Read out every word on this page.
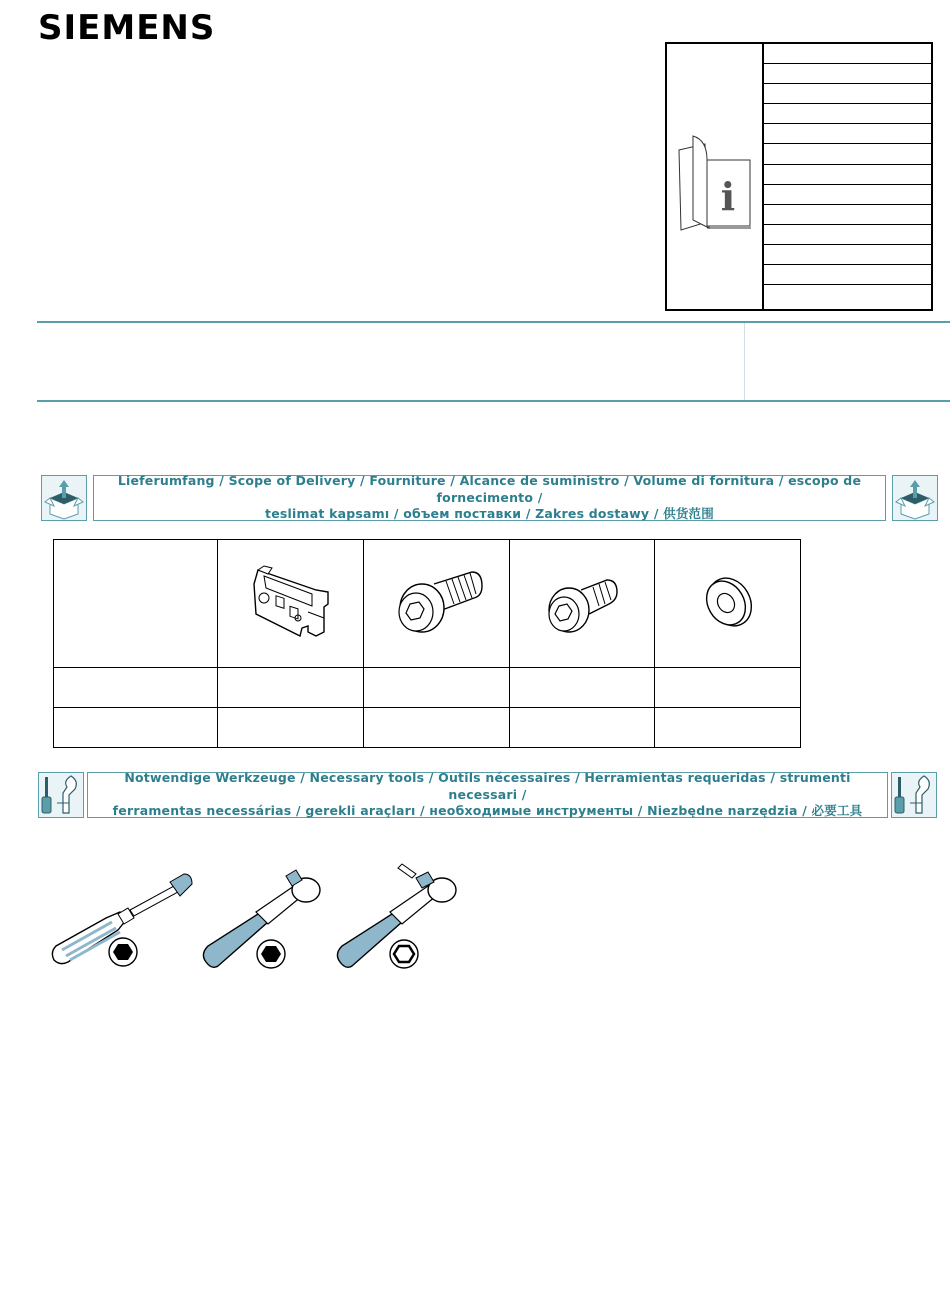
SIEMENS
i
Lieferumfang / Scope of Delivery / Fourniture / Alcance de suministro / Volume di fornitura / escopo de fornecimento /
teslimat kapsamı / объем поставки / Zakres dostawy / 供货范围

Notwendige Werkzeuge / Necessary tools / Outils nécessaires / Herramientas requeridas / strumenti necessari /
ferramentas necessárias / gerekli araçları / необходимые инструменты / Niezbędne narzędzia / 必要工具
